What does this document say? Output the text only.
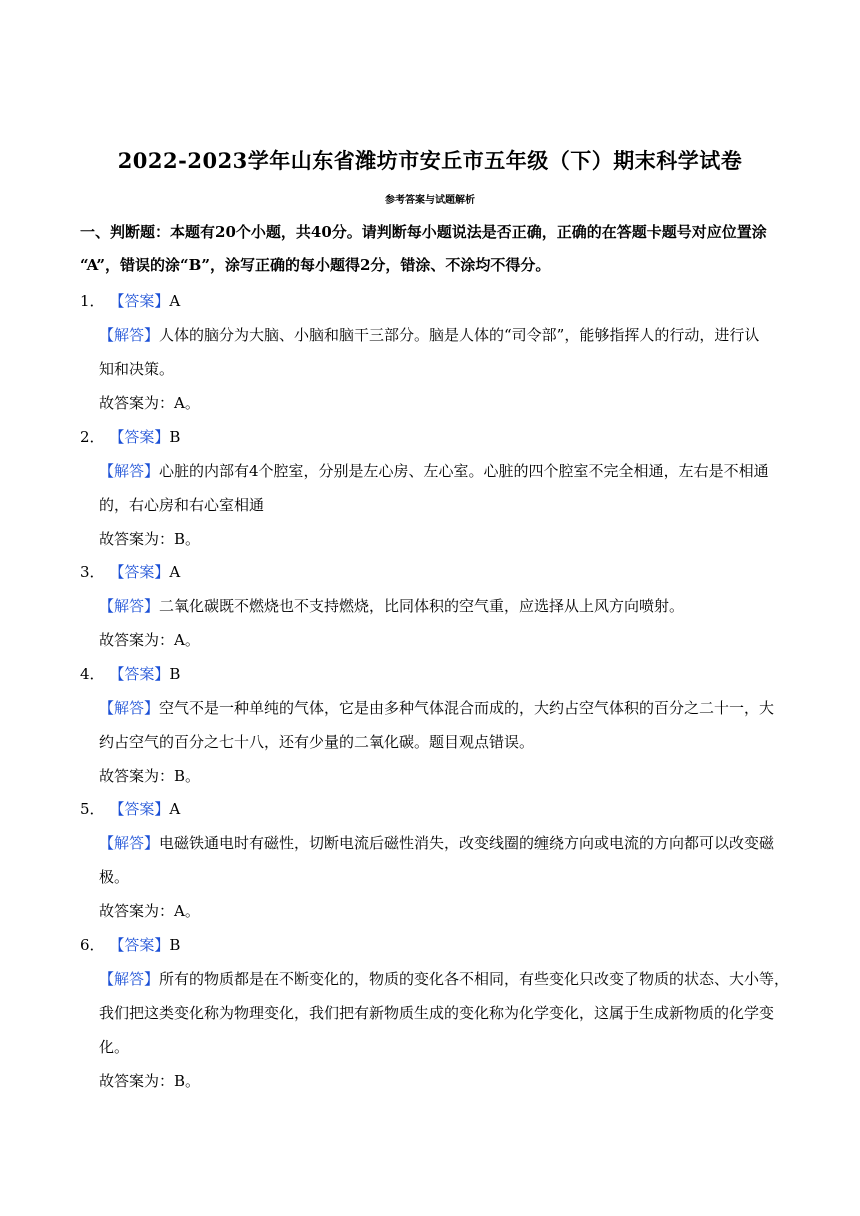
2022-2023学年山东省潍坊市安丘市五年级（下）期末科学试卷
参考答案与试题解析
一、判断题：本题有20个小题，共40分。请判断每小题说法是否正确，正确的在答题卡题号对应位置涂
“A”，错误的涂“B”，涂写正确的每小题得2分，错涂、不涂均不得分。
1． 【答案】A
【解答】人体的脑分为大脑、小脑和脑干三部分。脑是人体的“司令部”，能够指挥人的行动，进行认
知和决策。
故答案为：A。
2． 【答案】B
【解答】心脏的内部有4个腔室，分别是左心房、左心室。心脏的四个腔室不完全相通，左右是不相通
的，右心房和右心室相通
故答案为：B。
3． 【答案】A
【解答】二氧化碳既不燃烧也不支持燃烧，比同体积的空气重，应选择从上风方向喷射。
故答案为：A。
4． 【答案】B
【解答】空气不是一种单纯的气体，它是由多种气体混合而成的，大约占空气体积的百分之二十一，大
约占空气的百分之七十八，还有少量的二氧化碳。题目观点错误。
故答案为：B。
5． 【答案】A
【解答】电磁铁通电时有磁性，切断电流后磁性消失，改变线圈的缠绕方向或电流的方向都可以改变磁
极。
故答案为：A。
6． 【答案】B
【解答】所有的物质都是在不断变化的，物质的变化各不相同，有些变化只改变了物质的状态、大小等，
我们把这类变化称为物理变化，我们把有新物质生成的变化称为化学变化，这属于生成新物质的化学变
化。
故答案为：B。
